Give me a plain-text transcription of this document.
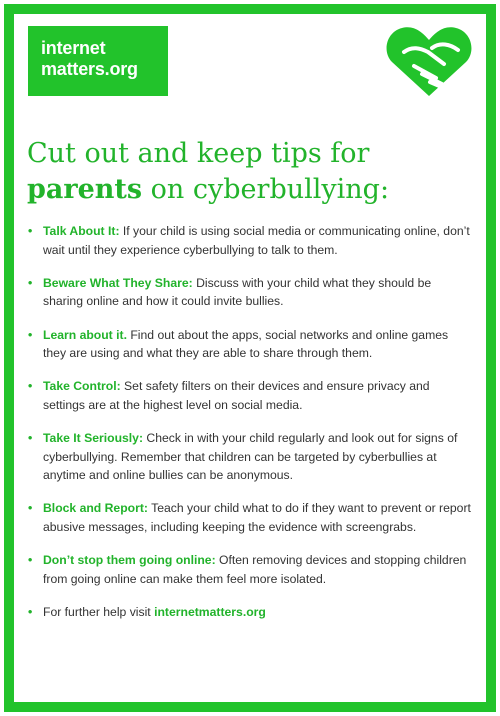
internet
matters.org
Cut out and keep tips for
parents on cyberbullying:
• Talk About It: If your child is using social media or communicating online, don’t wait until they experience cyberbullying to talk to them.
• Beware What They Share: Discuss with your child what they should be sharing online and how it could invite bullies.
• Learn about it. Find out about the apps, social networks and online games they are using and what they are able to share through them.
• Take Control: Set safety filters on their devices and ensure privacy and settings are at the highest level on social media.
• Take It Seriously: Check in with your child regularly and look out for signs of cyberbullying. Remember that children can be targeted by cyberbullies at anytime and online bullies can be anonymous.
• Block and Report: Teach your child what to do if they want to prevent or report abusive messages, including keeping the evidence with screengrabs.
• Don’t stop them going online: Often removing devices and stopping children from going online can make them feel more isolated.
• For further help visit internetmatters.org
